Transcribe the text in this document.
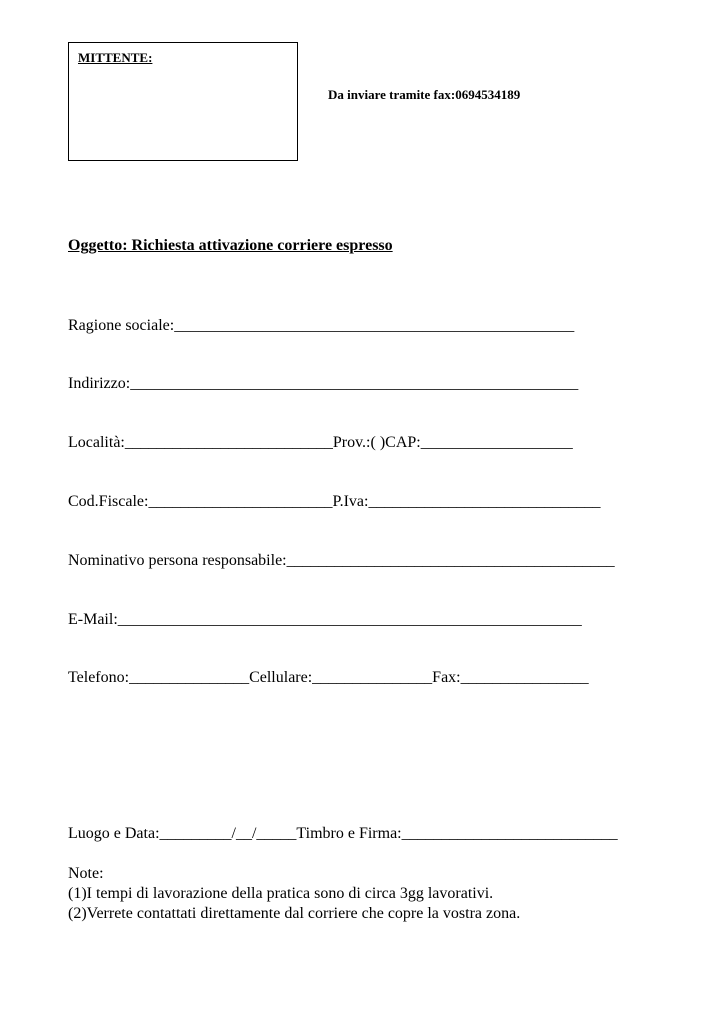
MITTENTE:
Da inviare tramite fax:0694534189
Oggetto: Richiesta attivazione corriere espresso
Ragione sociale:__________________________________________________
Indirizzo:________________________________________________________
Località:__________________________Prov.:( )CAP:___________________
Cod.Fiscale:_______________________P.Iva:_____________________________
Nominativo persona responsabile:_________________________________________
E-Mail:__________________________________________________________
Telefono:_______________Cellulare:_______________Fax:________________
Luogo e Data:_________/__/_____Timbro e Firma:___________________________
Note:
(1)I tempi di lavorazione della pratica sono di circa 3gg lavorativi.
(2)Verrete contattati direttamente dal corriere che copre la vostra zona.
